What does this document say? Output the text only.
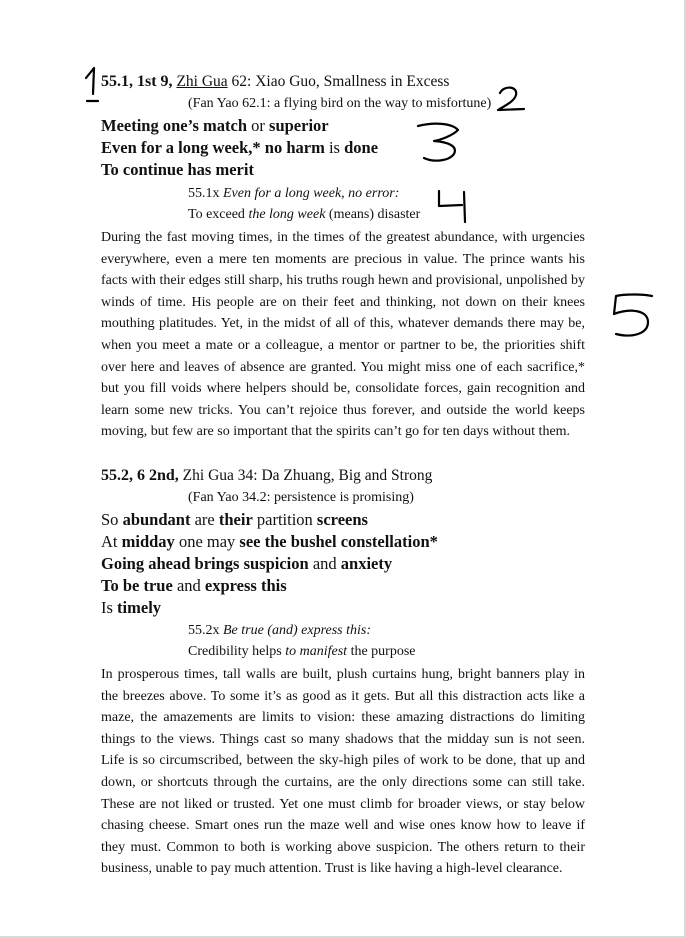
55.1, 1st 9, Zhi Gua 62: Xiao Guo, Smallness in Excess
(Fan Yao 62.1: a flying bird on the way to misfortune)
Meeting one’s match or superior
Even for a long week,* no harm is done
To continue has merit
55.1x Even for a long week, no error:
To exceed the long week (means) disaster
During the fast moving times, in the times of the greatest abundance, with urgencies everywhere, even a mere ten moments are precious in value. The prince wants his facts with their edges still sharp, his truths rough hewn and provisional, unpolished by winds of time. His people are on their feet and thinking, not down on their knees mouthing platitudes. Yet, in the midst of all of this, whatever demands there may be, when you meet a mate or a colleague, a mentor or partner to be, the priorities shift over here and leaves of absence are granted. You might miss one of each sacrifice,* but you fill voids where helpers should be, consolidate forces, gain recognition and learn some new tricks. You can’t rejoice thus forever, and outside the world keeps moving, but few are so important that the spirits can’t go for ten days without them.
55.2, 6 2nd, Zhi Gua 34: Da Zhuang, Big and Strong
(Fan Yao 34.2: persistence is promising)
So abundant are their partition screens
At midday one may see the bushel constellation*
Going ahead brings suspicion and anxiety
To be true and express this
Is timely
55.2x Be true (and) express this:
Credibility helps to manifest the purpose
In prosperous times, tall walls are built, plush curtains hung, bright banners play in the breezes above. To some it’s as good as it gets. But all this distraction acts like a maze, the amazements are limits to vision: these amazing distractions do limiting things to the views. Things cast so many shadows that the midday sun is not seen. Life is so circumscribed, between the sky-high piles of work to be done, that up and down, or shortcuts through the curtains, are the only directions some can still take. These are not liked or trusted. Yet one must climb for broader views, or stay below chasing cheese. Smart ones run the maze well and wise ones know how to leave if they must. Common to both is working above suspicion. The others return to their business, unable to pay much attention. Trust is like having a high-level clearance.
